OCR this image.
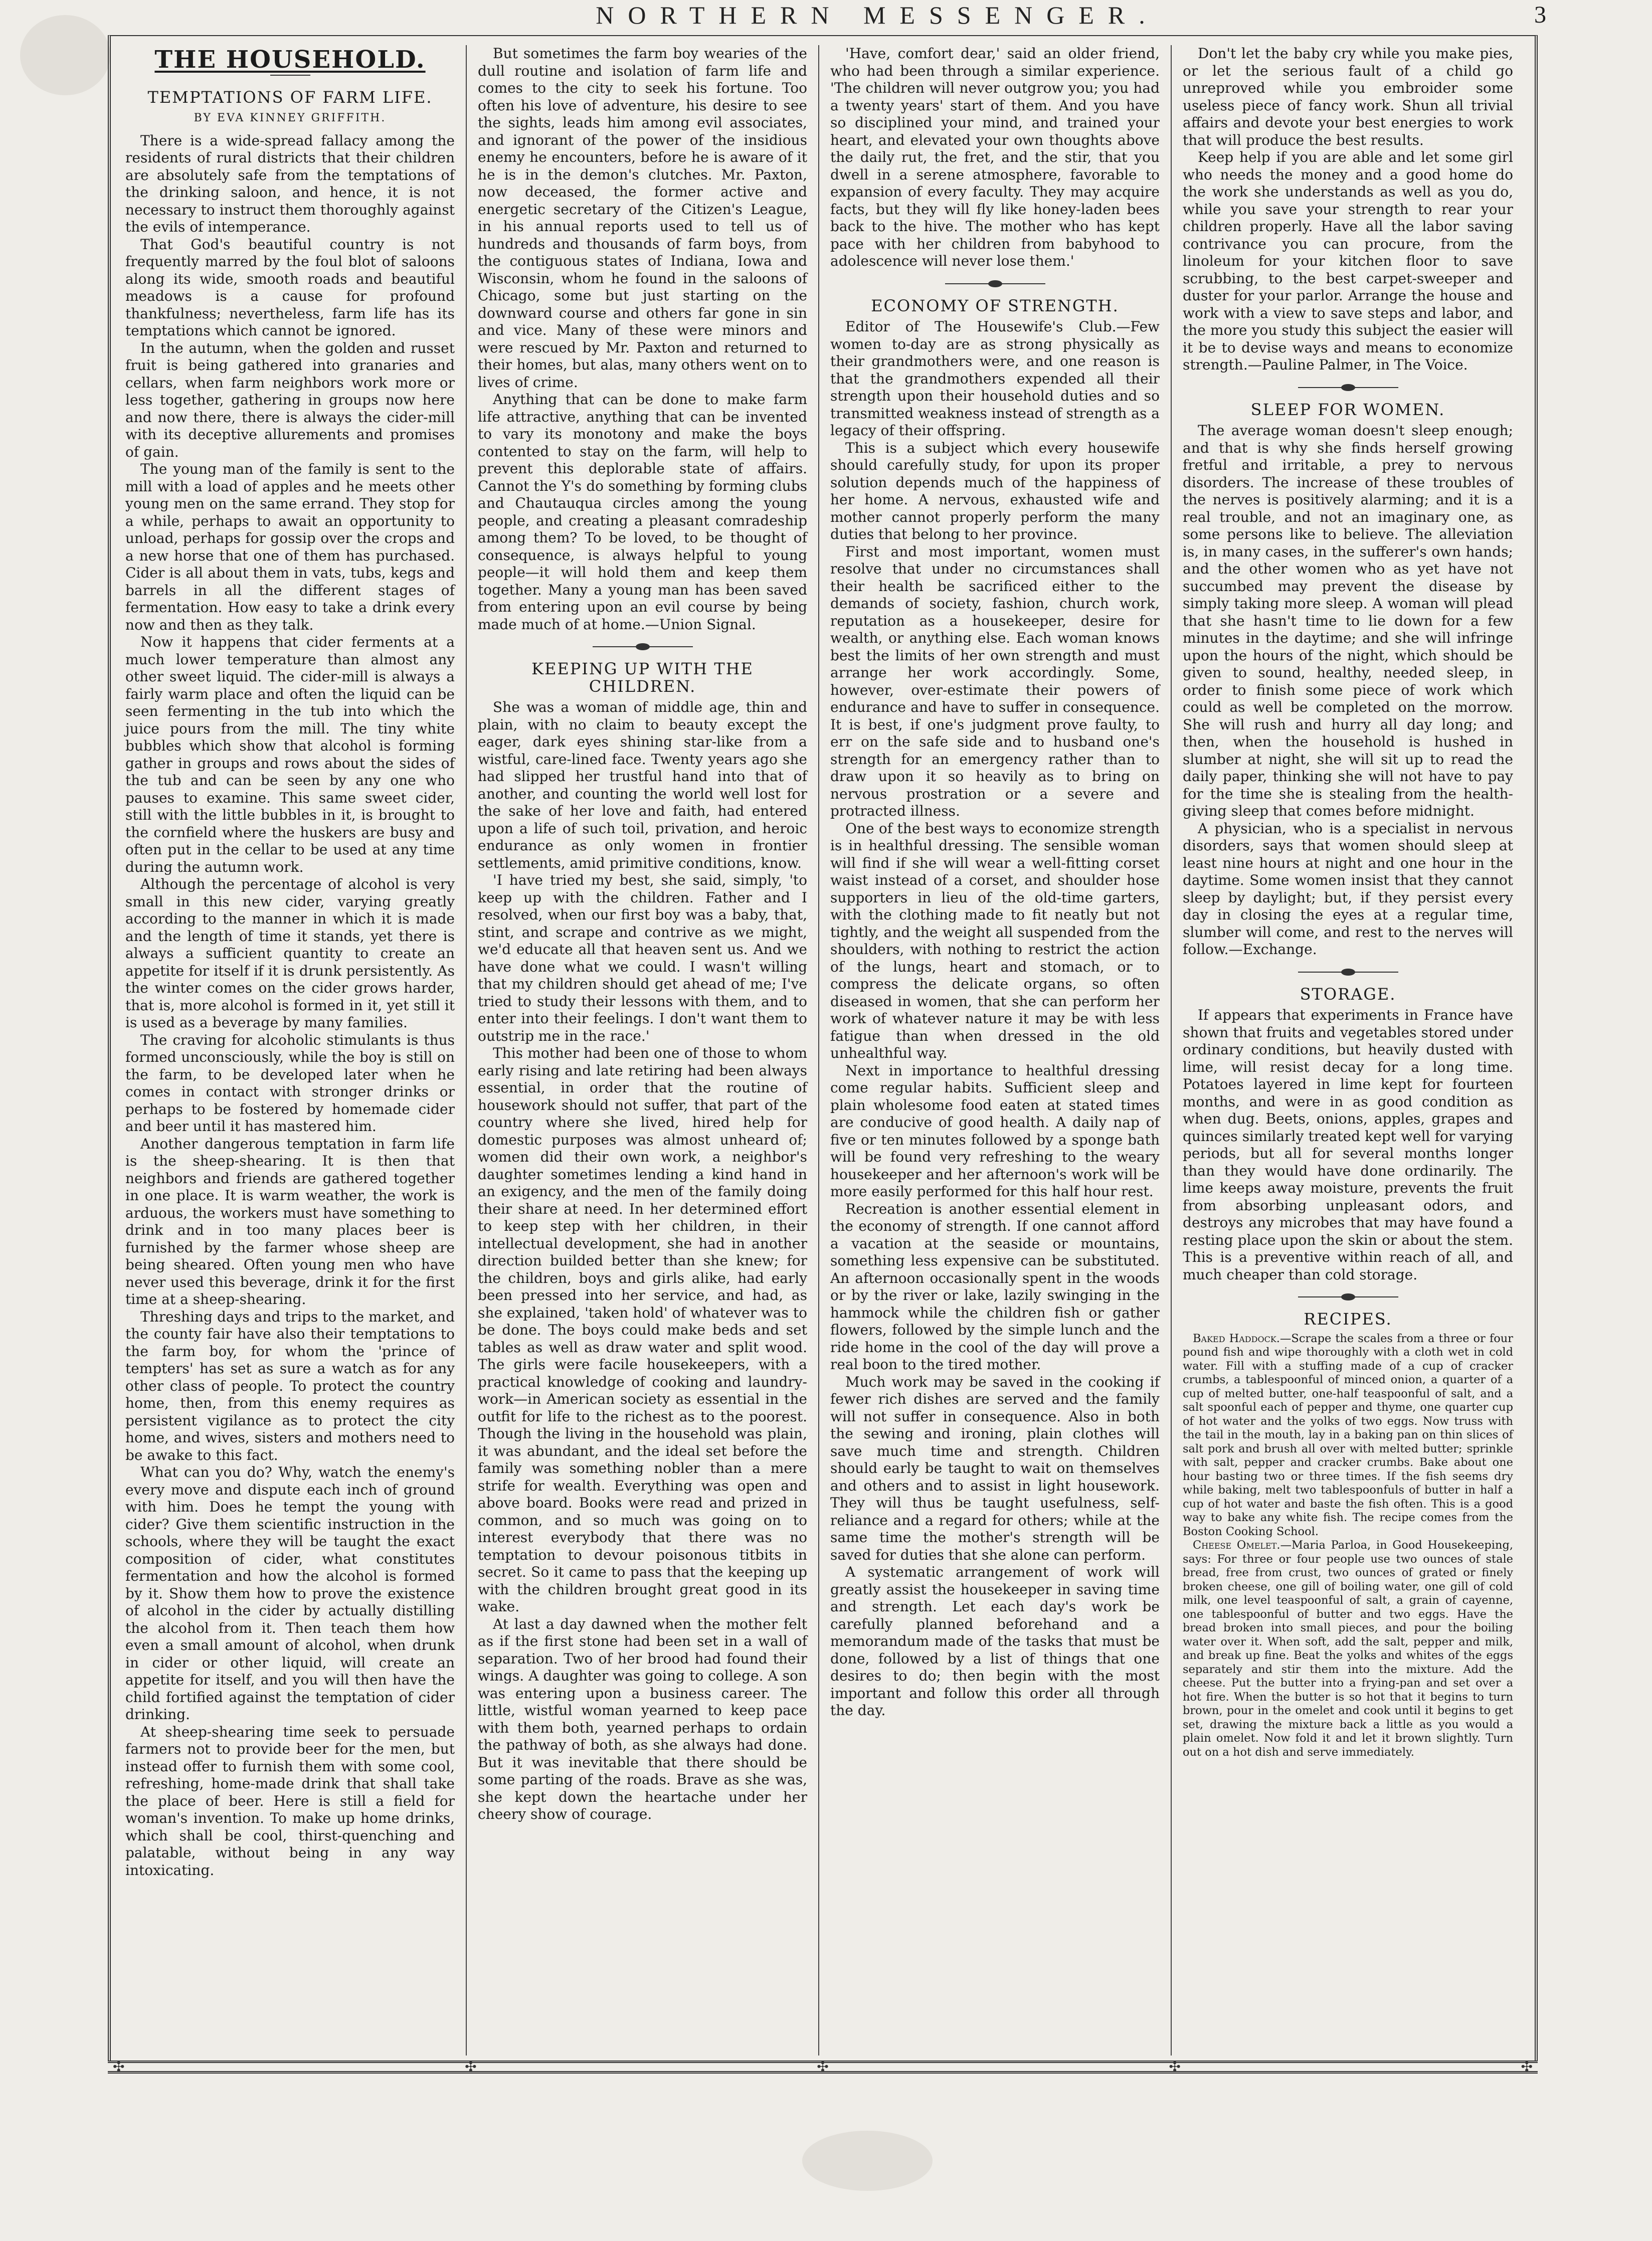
NORTHERN MESSENGER.	3
✣	✣	✣	✣	✣
THE HOUSEHOLD.
TEMPTATIONS OF FARM LIFE.
BY EVA KINNEY GRIFFITH.

There is a wide-spread fallacy among the residents of rural districts that their children are absolutely safe from the temptations of the drinking saloon, and hence, it is not necessary to instruct them thoroughly against the evils of intemperance.

That God's beautiful country is not frequently marred by the foul blot of saloons along its wide, smooth roads and beautiful meadows is a cause for profound thankfulness; nevertheless, farm life has its temptations which cannot be ignored.

In the autumn, when the golden and russet fruit is being gathered into granaries and cellars, when farm neighbors work more or less together, gathering in groups now here and now there, there is always the cider-mill with its deceptive allurements and promises of gain.

The young man of the family is sent to the mill with a load of apples and he meets other young men on the same errand. They stop for a while, perhaps to await an opportunity to unload, perhaps for gossip over the crops and a new horse that one of them has purchased. Cider is all about them in vats, tubs, kegs and barrels in all the different stages of fermentation. How easy to take a drink every now and then as they talk.

Now it happens that cider ferments at a much lower temperature than almost any other sweet liquid. The cider-mill is always a fairly warm place and often the liquid can be seen fermenting in the tub into which the juice pours from the mill. The tiny white bubbles which show that alcohol is forming gather in groups and rows about the sides of the tub and can be seen by any one who pauses to examine. This same sweet cider, still with the little bubbles in it, is brought to the cornfield where the huskers are busy and often put in the cellar to be used at any time during the autumn work.

Although the percentage of alcohol is very small in this new cider, varying greatly according to the manner in which it is made and the length of time it stands, yet there is always a sufficient quantity to create an appetite for itself if it is drunk persistently. As the winter comes on the cider grows harder, that is, more alcohol is formed in it, yet still it is used as a beverage by many families.

The craving for alcoholic stimulants is thus formed unconsciously, while the boy is still on the farm, to be developed later when he comes in contact with stronger drinks or perhaps to be fostered by homemade cider and beer until it has mastered him.

Another dangerous temptation in farm life is the sheep-shearing. It is then that neighbors and friends are gathered together in one place. It is warm weather, the work is arduous, the workers must have something to drink and in too many places beer is furnished by the farmer whose sheep are being sheared. Often young men who have never used this beverage, drink it for the first time at a sheep-shearing.

Threshing days and trips to the market, and the county fair have also their temptations to the farm boy, for whom the 'prince of tempters' has set as sure a watch as for any other class of people. To protect the country home, then, from this enemy requires as persistent vigilance as to protect the city home, and wives, sisters and mothers need to be awake to this fact.

What can you do? Why, watch the enemy's every move and dispute each inch of ground with him. Does he tempt the young with cider? Give them scientific instruction in the schools, where they will be taught the exact composition of cider, what constitutes fermentation and how the alcohol is formed by it. Show them how to prove the existence of alcohol in the cider by actually distilling the alcohol from it. Then teach them how even a small amount of alcohol, when drunk in cider or other liquid, will create an appetite for itself, and you will then have the child fortified against the temptation of cider drinking.

At sheep-shearing time seek to persuade farmers not to provide beer for the men, but instead offer to furnish them with some cool, refreshing, home-made drink that shall take the place of beer. Here is still a field for woman's invention. To make up home drinks, which shall be cool, thirst-quenching and palatable, without being in any way intoxicating.

But sometimes the farm boy wearies of the dull routine and isolation of farm life and comes to the city to seek his fortune. Too often his love of adventure, his desire to see the sights, leads him among evil associates, and ignorant of the power of the insidious enemy he encounters, before he is aware of it he is in the demon's clutches. Mr. Paxton, now deceased, the former active and energetic secretary of the Citizen's League, in his annual reports used to tell us of hundreds and thousands of farm boys, from the contiguous states of Indiana, Iowa and Wisconsin, whom he found in the saloons of Chicago, some but just starting on the downward course and others far gone in sin and vice. Many of these were minors and were rescued by Mr. Paxton and returned to their homes, but alas, many others went on to lives of crime.

Anything that can be done to make farm life attractive, anything that can be invented to vary its monotony and make the boys contented to stay on the farm, will help to prevent this deplorable state of affairs. Cannot the Y's do something by forming clubs and Chautauqua circles among the young people, and creating a pleasant comradeship among them? To be loved, to be thought of consequence, is always helpful to young people—it will hold them and keep them together. Many a young man has been saved from entering upon an evil course by being made much of at home.—Union Signal.

KEEPING UP WITH THE CHILDREN.

She was a woman of middle age, thin and plain, with no claim to beauty except the eager, dark eyes shining star-like from a wistful, care-lined face. Twenty years ago she had slipped her trustful hand into that of another, and counting the world well lost for the sake of her love and faith, had entered upon a life of such toil, privation, and heroic endurance as only women in frontier settlements, amid primitive conditions, know.

'I have tried my best, she said, simply, 'to keep up with the children. Father and I resolved, when our first boy was a baby, that, stint, and scrape and contrive as we might, we'd educate all that heaven sent us. And we have done what we could. I wasn't willing that my children should get ahead of me; I've tried to study their lessons with them, and to enter into their feelings. I don't want them to outstrip me in the race.'

This mother had been one of those to whom early rising and late retiring had been always essential, in order that the routine of housework should not suffer, that part of the country where she lived, hired help for domestic purposes was almost unheard of; women did their own work, a neighbor's daughter sometimes lending a kind hand in an exigency, and the men of the family doing their share at need. In her determined effort to keep step with her children, in their intellectual development, she had in another direction builded better than she knew; for the children, boys and girls alike, had early been pressed into her service, and had, as she explained, 'taken hold' of whatever was to be done. The boys could make beds and set tables as well as draw water and split wood. The girls were facile housekeepers, with a practical knowledge of cooking and laundry-work—in American society as essential in the outfit for life to the richest as to the poorest. Though the living in the household was plain, it was abundant, and the ideal set before the family was something nobler than a mere strife for wealth. Everything was open and above board. Books were read and prized in common, and so much was going on to interest everybody that there was no temptation to devour poisonous titbits in secret. So it came to pass that the keeping up with the children brought great good in its wake.

At last a day dawned when the mother felt as if the first stone had been set in a wall of separation. Two of her brood had found their wings. A daughter was going to college. A son was entering upon a business career. The little, wistful woman yearned to keep pace with them both, yearned perhaps to ordain the pathway of both, as she always had done. But it was inevitable that there should be some parting of the roads. Brave as she was, she kept down the heartache under her cheery show of courage.

'Have, comfort dear,' said an older friend, who had been through a similar experience. 'The children will never outgrow you; you had a twenty years' start of them. And you have so disciplined your mind, and trained your heart, and elevated your own thoughts above the daily rut, the fret, and the stir, that you dwell in a serene atmosphere, favorable to expansion of every faculty. They may acquire facts, but they will fly like honey-laden bees back to the hive. The mother who has kept pace with her children from babyhood to adolescence will never lose them.'

ECONOMY OF STRENGTH.

Editor of The Housewife's Club.—Few women to-day are as strong physically as their grandmothers were, and one reason is that the grandmothers expended all their strength upon their household duties and so transmitted weakness instead of strength as a legacy of their offspring.

This is a subject which every housewife should carefully study, for upon its proper solution depends much of the happiness of her home. A nervous, exhausted wife and mother cannot properly perform the many duties that belong to her province.

First and most important, women must resolve that under no circumstances shall their health be sacrificed either to the demands of society, fashion, church work, reputation as a housekeeper, desire for wealth, or anything else. Each woman knows best the limits of her own strength and must arrange her work accordingly. Some, however, over-estimate their powers of endurance and have to suffer in consequence. It is best, if one's judgment prove faulty, to err on the safe side and to husband one's strength for an emergency rather than to draw upon it so heavily as to bring on nervous prostration or a severe and protracted illness.

One of the best ways to economize strength is in healthful dressing. The sensible woman will find if she will wear a well-fitting corset waist instead of a corset, and shoulder hose supporters in lieu of the old-time garters, with the clothing made to fit neatly but not tightly, and the weight all suspended from the shoulders, with nothing to restrict the action of the lungs, heart and stomach, or to compress the delicate organs, so often diseased in women, that she can perform her work of whatever nature it may be with less fatigue than when dressed in the old unhealthful way.

Next in importance to healthful dressing come regular habits. Sufficient sleep and plain wholesome food eaten at stated times are conducive of good health. A daily nap of five or ten minutes followed by a sponge bath will be found very refreshing to the weary housekeeper and her afternoon's work will be more easily performed for this half hour rest.

Recreation is another essential element in the economy of strength. If one cannot afford a vacation at the seaside or mountains, something less expensive can be substituted. An afternoon occasionally spent in the woods or by the river or lake, lazily swinging in the hammock while the children fish or gather flowers, followed by the simple lunch and the ride home in the cool of the day will prove a real boon to the tired mother.

Much work may be saved in the cooking if fewer rich dishes are served and the family will not suffer in consequence. Also in both the sewing and ironing, plain clothes will save much time and strength. Children should early be taught to wait on themselves and others and to assist in light housework. They will thus be taught usefulness, self-reliance and a regard for others; while at the same time the mother's strength will be saved for duties that she alone can perform.

A systematic arrangement of work will greatly assist the housekeeper in saving time and strength. Let each day's work be carefully planned beforehand and a memorandum made of the tasks that must be done, followed by a list of things that one desires to do; then begin with the most important and follow this order all through the day.

Don't let the baby cry while you make pies, or let the serious fault of a child go unreproved while you embroider some useless piece of fancy work. Shun all trivial affairs and devote your best energies to work that will produce the best results.

Keep help if you are able and let some girl who needs the money and a good home do the work she understands as well as you do, while you save your strength to rear your children properly. Have all the labor saving contrivance you can procure, from the linoleum for your kitchen floor to save scrubbing, to the best carpet-sweeper and duster for your parlor. Arrange the house and work with a view to save steps and labor, and the more you study this subject the easier will it be to devise ways and means to economize strength.—Pauline Palmer, in The Voice.

SLEEP FOR WOMEN.

The average woman doesn't sleep enough; and that is why she finds herself growing fretful and irritable, a prey to nervous disorders. The increase of these troubles of the nerves is positively alarming; and it is a real trouble, and not an imaginary one, as some persons like to believe. The alleviation is, in many cases, in the sufferer's own hands; and the other women who as yet have not succumbed may prevent the disease by simply taking more sleep. A woman will plead that she hasn't time to lie down for a few minutes in the daytime; and she will infringe upon the hours of the night, which should be given to sound, healthy, needed sleep, in order to finish some piece of work which could as well be completed on the morrow. She will rush and hurry all day long; and then, when the household is hushed in slumber at night, she will sit up to read the daily paper, thinking she will not have to pay for the time she is stealing from the health-giving sleep that comes before midnight.

A physician, who is a specialist in nervous disorders, says that women should sleep at least nine hours at night and one hour in the daytime. Some women insist that they cannot sleep by daylight; but, if they persist every day in closing the eyes at a regular time, slumber will come, and rest to the nerves will follow.—Exchange.

STORAGE.

If appears that experiments in France have shown that fruits and vegetables stored under ordinary conditions, but heavily dusted with lime, will resist decay for a long time. Potatoes layered in lime kept for fourteen months, and were in as good condition as when dug. Beets, onions, apples, grapes and quinces similarly treated kept well for varying periods, but all for several months longer than they would have done ordinarily. The lime keeps away moisture, prevents the fruit from absorbing unpleasant odors, and destroys any microbes that may have found a resting place upon the skin or about the stem. This is a preventive within reach of all, and much cheaper than cold storage.

RECIPES.

Baked Haddock.—Scrape the scales from a three or four pound fish and wipe thoroughly with a cloth wet in cold water. Fill with a stuffing made of a cup of cracker crumbs, a tablespoonful of minced onion, a quarter of a cup of melted butter, one-half teaspoonful of salt, and a salt spoonful each of pepper and thyme, one quarter cup of hot water and the yolks of two eggs. Now truss with the tail in the mouth, lay in a baking pan on thin slices of salt pork and brush all over with melted butter; sprinkle with salt, pepper and cracker crumbs. Bake about one hour basting two or three times. If the fish seems dry while baking, melt two tablespoonfuls of butter in half a cup of hot water and baste the fish often. This is a good way to bake any white fish. The recipe comes from the Boston Cooking School.

Cheese Omelet.—Maria Parloa, in Good Housekeeping, says: For three or four people use two ounces of stale bread, free from crust, two ounces of grated or finely broken cheese, one gill of boiling water, one gill of cold milk, one level teaspoonful of salt, a grain of cayenne, one tablespoonful of butter and two eggs. Have the bread broken into small pieces, and pour the boiling water over it. When soft, add the salt, pepper and milk, and break up fine. Beat the yolks and whites of the eggs separately and stir them into the mixture. Add the cheese. Put the butter into a frying-pan and set over a hot fire. When the butter is so hot that it begins to turn brown, pour in the omelet and cook until it begins to get set, drawing the mixture back a little as you would a plain omelet. Now fold it and let it brown slightly. Turn out on a hot dish and serve immediately.
